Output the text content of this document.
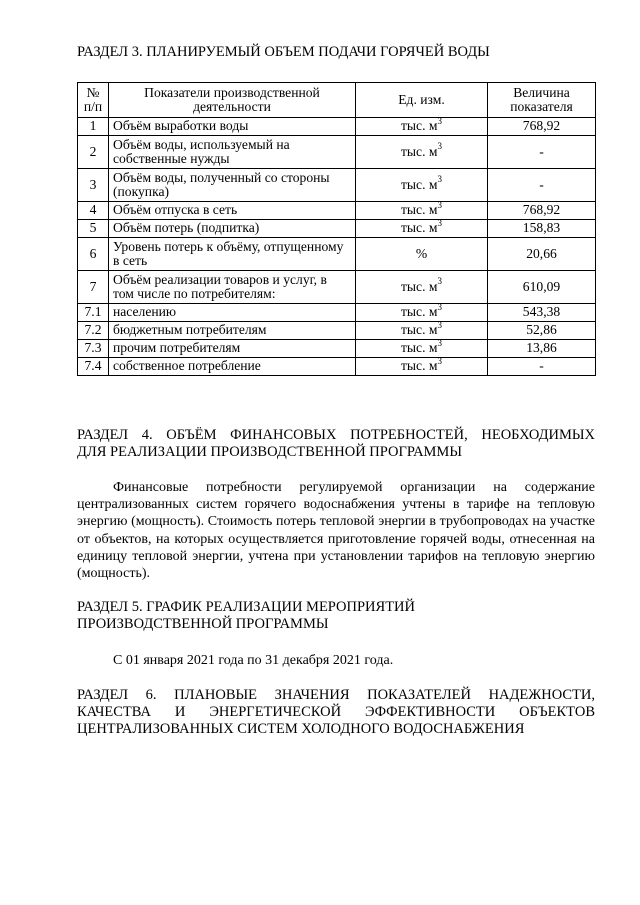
РАЗДЕЛ 3. ПЛАНИРУЕМЫЙ ОБЪЕМ ПОДАЧИ ГОРЯЧЕЙ ВОДЫ
№ п/п	Показатели производственной деятельности	Ед. изм.	Величина показателя
1	Объём выработки воды	тыс. $м^3$	768,92
2	Объём воды, используемый на собственные нужды	тыс. $м^3$	-
3	Объём воды, полученный со стороны (покупка)	тыс. $м^3$	-
4	Объём отпуска в сеть	тыс. $м^3$	768,92
5	Объём потерь (подпитка)	тыс. $м^3$	158,83
6	Уровень потерь к объёму, отпущенному в сеть	%	20,66
7	Объём реализации товаров и услуг, в том числе по потребителям:	тыс. $м^3$	610,09
7.1	населению	тыс. $м^3$	543,38
7.2	бюджетным потребителям	тыс. $м^3$	52,86
7.3	прочим потребителям	тыс. $м^3$	13,86
7.4	собственное потребление	тыс. $м^3$	-
РАЗДЕЛ 4. ОБЪЁМ ФИНАНСОВЫХ ПОТРЕБНОСТЕЙ, НЕОБХОДИМЫХ
ДЛЯ РЕАЛИЗАЦИИ ПРОИЗВОДСТВЕННОЙ ПРОГРАММЫ

Финансовые потребности регулируемой организации на содержание централизованных систем горячего водоснабжения учтены в тарифе на тепловую энергию (мощность). Стоимость потерь тепловой энергии в трубопроводах на участке от объектов, на которых осуществляется приготовление горячей воды, отнесенная на единицу тепловой энергии, учтена при установлении тарифов на тепловую энергию (мощность).

РАЗДЕЛ 5. ГРАФИК РЕАЛИЗАЦИИ МЕРОПРИЯТИЙ
ПРОИЗВОДСТВЕННОЙ ПРОГРАММЫ

С 01 января 2021 года по 31 декабря 2021 года.

РАЗДЕЛ 6. ПЛАНОВЫЕ ЗНАЧЕНИЯ ПОКАЗАТЕЛЕЙ НАДЕЖНОСТИ,
КАЧЕСТВА И ЭНЕРГЕТИЧЕСКОЙ ЭФФЕКТИВНОСТИ ОБЪЕКТОВ
ЦЕНТРАЛИЗОВАННЫХ СИСТЕМ ХОЛОДНОГО ВОДОСНАБЖЕНИЯ
